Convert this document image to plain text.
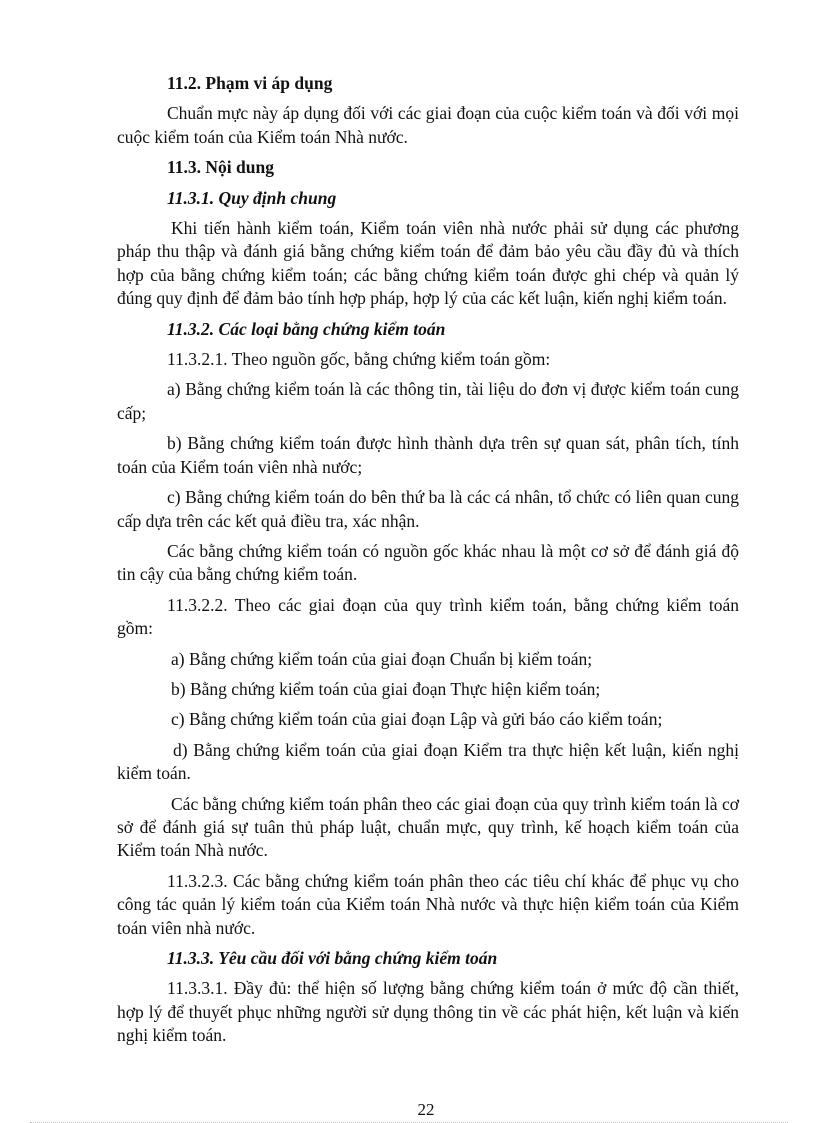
11.2. Phạm vi áp dụng

Chuẩn mực này áp dụng đối với các giai đoạn của cuộc kiểm toán và đối với mọi cuộc kiểm toán của Kiểm toán Nhà nước.

11.3. Nội dung

11.3.1. Quy định chung

Khi tiến hành kiểm toán, Kiểm toán viên nhà nước phải sử dụng các phương pháp thu thập và đánh giá bằng chứng kiểm toán để đảm bảo yêu cầu đầy đủ và thích hợp của bằng chứng kiểm toán; các bằng chứng kiểm toán được ghi chép và quản lý đúng quy định để đảm bảo tính hợp pháp, hợp lý của các kết luận, kiến nghị kiểm toán.

11.3.2. Các loại bằng chứng kiểm toán

11.3.2.1. Theo nguồn gốc, bằng chứng kiểm toán gồm:

a) Bằng chứng kiểm toán là các thông tin, tài liệu do đơn vị được kiểm toán cung cấp;

b) Bằng chứng kiểm toán được hình thành dựa trên sự quan sát, phân tích, tính toán của Kiểm toán viên nhà nước;

c) Bằng chứng kiểm toán do bên thứ ba là các cá nhân, tổ chức có liên quan cung cấp dựa trên các kết quả điều tra, xác nhận.

Các bằng chứng kiểm toán có nguồn gốc khác nhau là một cơ sở để đánh giá độ tin cậy của bằng chứng kiểm toán.

11.3.2.2. Theo các giai đoạn của quy trình kiểm toán, bằng chứng kiểm toán gồm:

a) Bằng chứng kiểm toán của giai đoạn Chuẩn bị kiểm toán;

b) Bằng chứng kiểm toán của giai đoạn Thực hiện kiểm toán;

c) Bằng chứng kiểm toán của giai đoạn Lập và gửi báo cáo kiểm toán;

d) Bằng chứng kiểm toán của giai đoạn Kiểm tra thực hiện kết luận, kiến nghị kiểm toán.

Các bằng chứng kiểm toán phân theo các giai đoạn của quy trình kiểm toán là cơ sở để đánh giá sự tuân thủ pháp luật, chuẩn mực, quy trình, kế hoạch kiểm toán của Kiểm toán Nhà nước.

11.3.2.3. Các bằng chứng kiểm toán phân theo các tiêu chí khác để phục vụ cho công tác quản lý kiểm toán của Kiểm toán Nhà nước và thực hiện kiểm toán của Kiểm toán viên nhà nước.

11.3.3. Yêu cầu đối với bằng chứng kiểm toán

11.3.3.1. Đầy đủ: thể hiện số lượng bằng chứng kiểm toán ở mức độ cần thiết, hợp lý để thuyết phục những người sử dụng thông tin về các phát hiện, kết luận và kiến nghị kiểm toán.

22
